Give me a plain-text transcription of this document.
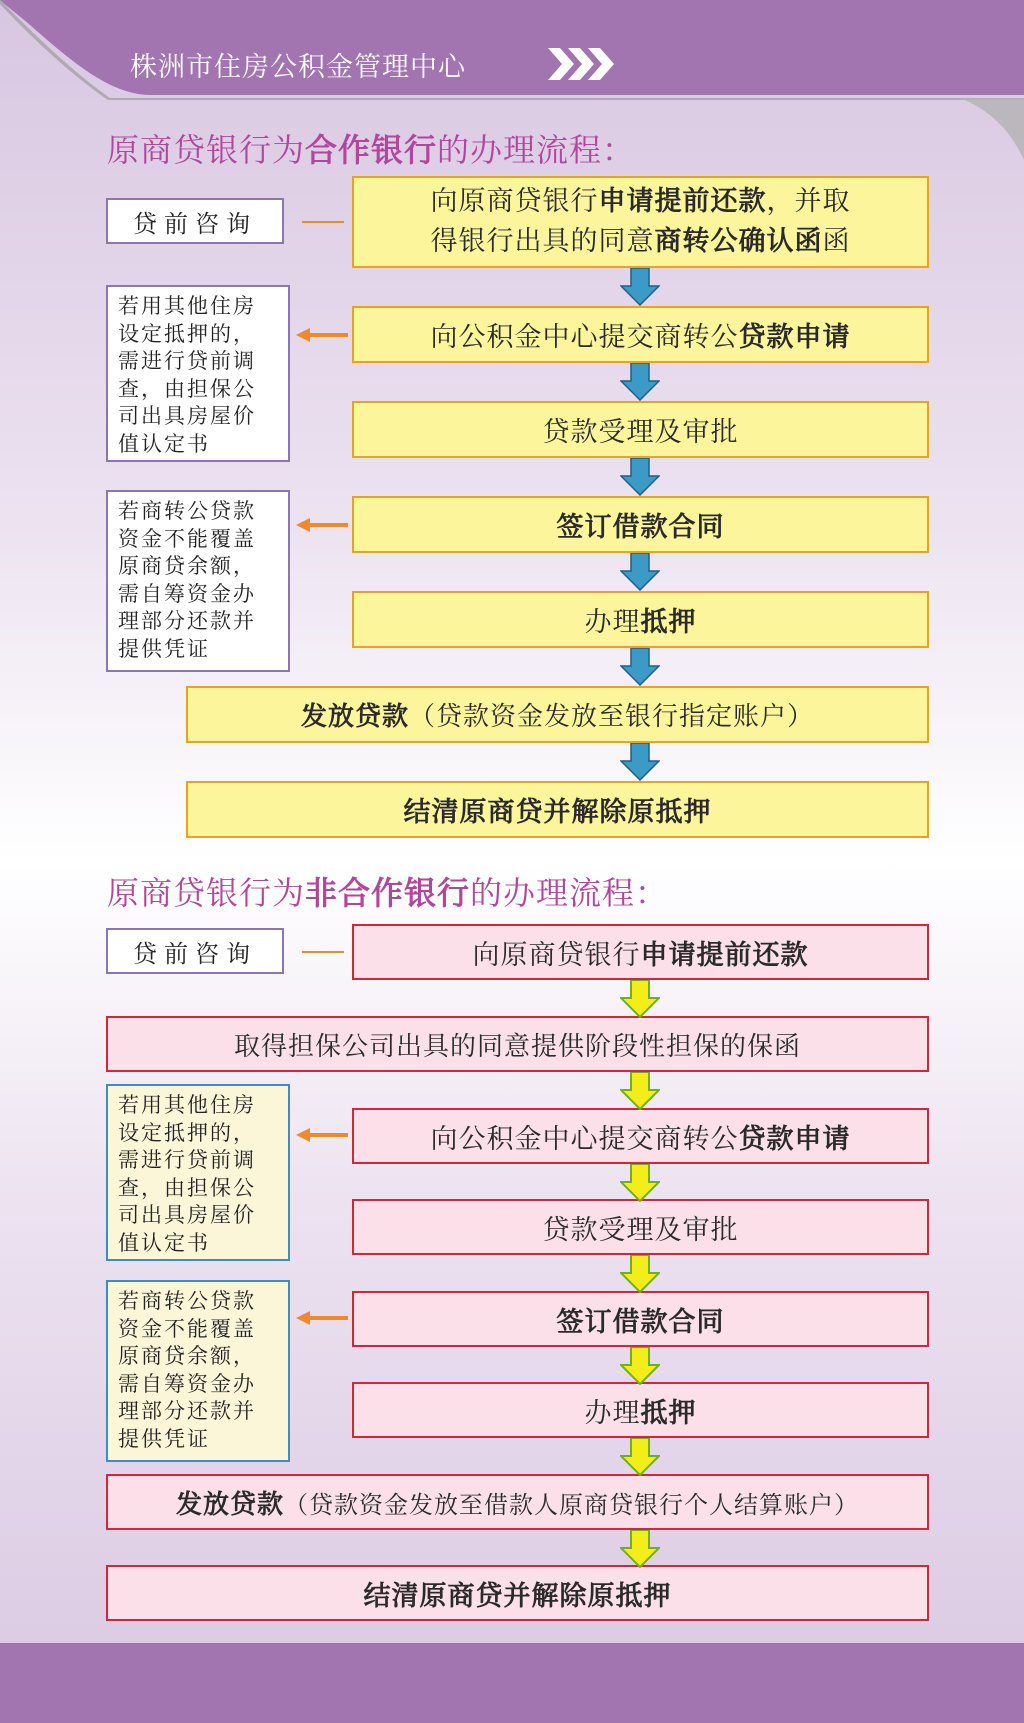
株洲市住房公积金管理中心
原商贷银行为合作银行的办理流程：
贷前咨询
向原商贷银行申请提前还款，并取
得银行出具的同意商转公确认函函
向公积金中心提交商转公 贷款申请
贷款受理及审批
签订借款合同
办理 抵押
发放贷款 （贷款资金发放至银行指定账户）
结清原商贷并解除原抵押
若用其他住房
设定抵押的，
需进行贷前调
查，由担保公
司出具房屋价
值认定书
若商转公贷款
资金不能覆盖
原商贷余额，
需自筹资金办
理部分还款并
提供凭证
原商贷银行为非合作银行的办理流程：
贷前咨询	向原商贷银行 申请提前还款
取得担保公司出具的同意提供阶段性担保的保函
向公积金中心提交商转公 贷款申请
贷款受理及审批
签订借款合同
办理 抵押
发放贷款 （贷款资金发放至借款人原商贷银行个人结算账户）
结清原商贷并解除原抵押
若用其他住房
设定抵押的，
需进行贷前调
查，由担保公
司出具房屋价
值认定书
若商转公贷款
资金不能覆盖
原商贷余额，
需自筹资金办
理部分还款并
提供凭证
